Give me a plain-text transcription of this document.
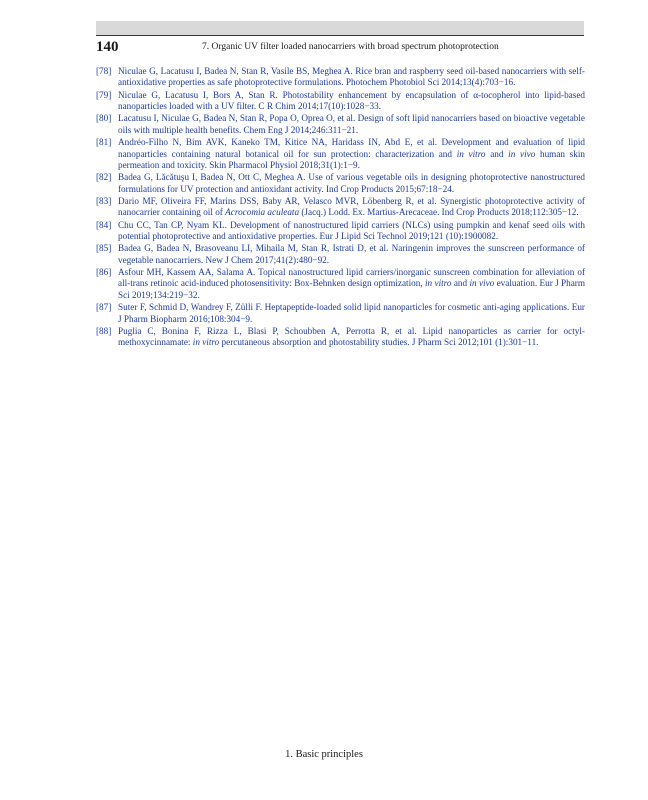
140	7. Organic UV filter loaded nanocarriers with broad spectrum photoprotection
[78] Niculae G, Lacatusu I, Badea N, Stan R, Vasile BS, Meghea A. Rice bran and raspberry seed oil-based nanocarriers with self-antioxidative properties as safe photoprotective formulations. Photochem Photobiol Sci 2014;13(4):703−16.
[79] Niculae G, Lacatusu I, Bors A, Stan R. Photostability enhancement by encapsulation of α-tocopherol into lipid-based nanoparticles loaded with a UV filter. C R Chim 2014;17(10):1028−33.
[80] Lacatusu I, Niculae G, Badea N, Stan R, Popa O, Oprea O, et al. Design of soft lipid nanocarriers based on bioactive vegetable oils with multiple health benefits. Chem Eng J 2014;246:311−21.
[81] Andréo-Filho N, Bim AVK, Kaneko TM, Kitice NA, Haridass IN, Abd E, et al. Development and evaluation of lipid nanoparticles containing natural botanical oil for sun protection: characterization and in vitro and in vivo human skin permeation and toxicity. Skin Pharmacol Physiol 2018;31(1):1−9.
[82] Badea G, Lăcătuşu I, Badea N, Ott C, Meghea A. Use of various vegetable oils in designing photoprotective nanostructured formulations for UV protection and antioxidant activity. Ind Crop Products 2015;67:18−24.
[83] Dario MF, Oliveira FF, Marins DSS, Baby AR, Velasco MVR, Löbenberg R, et al. Synergistic photoprotective activity of nanocarrier containing oil of Acrocomia aculeata (Jacq.) Lodd. Ex. Martius-Arecaceae. Ind Crop Products 2018;112:305−12.
[84] Chu CC, Tan CP, Nyam KL. Development of nanostructured lipid carriers (NLCs) using pumpkin and kenaf seed oils with potential photoprotective and antioxidative properties. Eur J Lipid Sci Technol 2019;121 (10):1900082.
[85] Badea G, Badea N, Brasoveanu LI, Mihaila M, Stan R, Istrati D, et al. Naringenin improves the sunscreen performance of vegetable nanocarriers. New J Chem 2017;41(2):480−92.
[86] Asfour MH, Kassem AA, Salama A. Topical nanostructured lipid carriers/inorganic sunscreen combination for alleviation of all-trans retinoic acid-induced photosensitivity: Box-Behnken design optimization, in vitro and in vivo evaluation. Eur J Pharm Sci 2019;134:219−32.
[87] Suter F, Schmid D, Wandrey F, Zülli F. Heptapeptide-loaded solid lipid nanoparticles for cosmetic anti-aging applications. Eur J Pharm Biopharm 2016;108:304−9.
[88] Puglia C, Bonina F, Rizza L, Blasi P, Schoubben A, Perrotta R, et al. Lipid nanoparticles as carrier for octyl-methoxycinnamate: in vitro percutaneous absorption and photostability studies. J Pharm Sci 2012;101 (1):301−11.
1. Basic principles
